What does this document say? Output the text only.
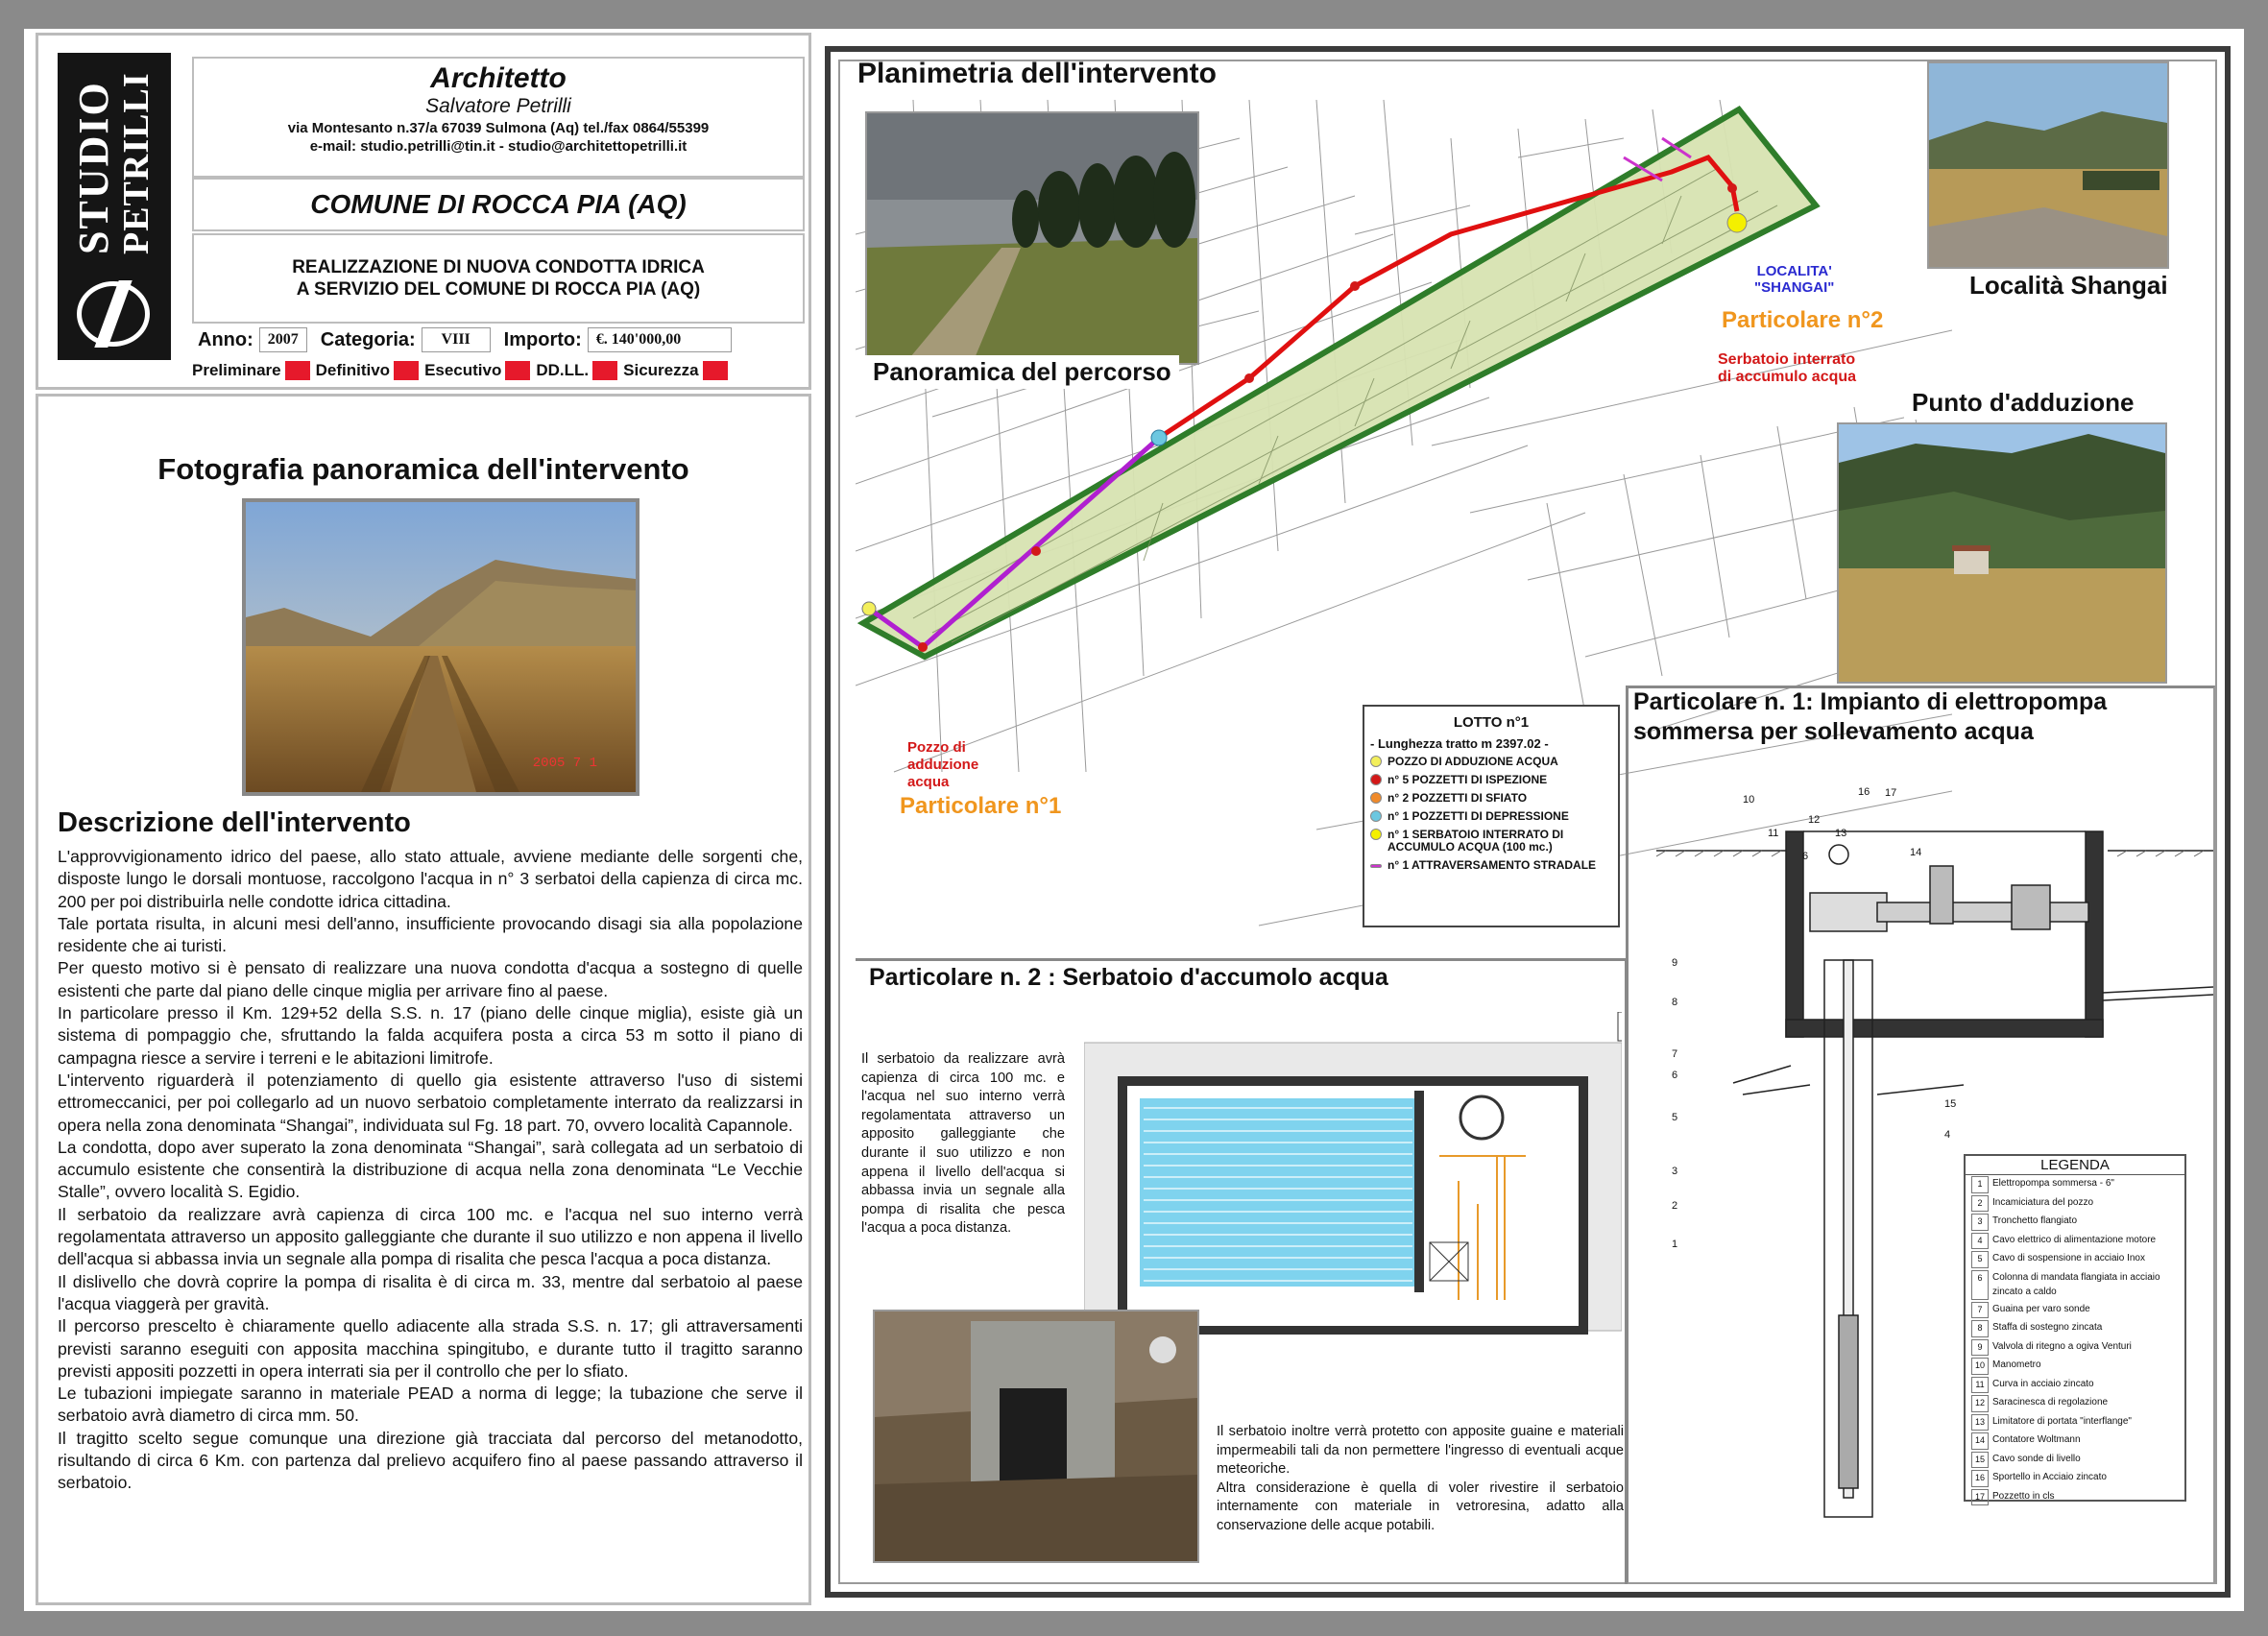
STUDIO PETRILLI	Architetto
Salvatore Petrilli
via Montesanto n.37/a 67039 Sulmona (Aq) tel./fax 0864/55399
e-mail: studio.petrilli@tin.it - studio@architettopetrilli.it
COMUNE DI ROCCA PIA (AQ)
REALIZZAZIONE DI NUOVA CONDOTTA IDRICA
A SERVIZIO DEL COMUNE DI ROCCA PIA (AQ)
Anno: 2007	Categoria:	VIII	Importo: €. 140'000,00
Preliminare Definitivo Esecutivo DD.LL. Sicurezza
Fotografia panoramica dell'intervento
2005 7 1
Descrizione dell'intervento

L'approvvigionamento idrico del paese, allo stato attuale, avviene mediante delle sorgenti che, disposte lungo le dorsali montuose, raccolgono l'acqua in n° 3 serbatoi della capienza di circa mc. 200 per poi distribuirla nelle condotte idrica cittadina.

Tale portata risulta, in alcuni mesi dell'anno, insufficiente provocando disagi sia alla popolazione residente che ai turisti.

Per questo motivo si è pensato di realizzare una nuova condotta d'acqua a sostegno di quelle esistenti che parte dal piano delle cinque miglia per arrivare fino al paese.

In particolare presso il Km. 129+52 della S.S. n. 17 (piano delle cinque miglia), esiste già un sistema di pompaggio che, sfruttando la falda acquifera posta a circa 53 m sotto il piano di campagna riesce a servire i terreni e le abitazioni limitrofe.

L'intervento riguarderà il potenziamento di quello gia esistente attraverso l'uso di sistemi ettromeccanici, per poi collegarlo ad un nuovo serbatoio completamente interrato da realizzarsi in opera nella zona denominata “Shangai”, individuata sul Fg. 18 part. 70, ovvero località Capannole.

La condotta, dopo aver superato la zona denominata “Shangai”, sarà collegata ad un serbatoio di accumulo esistente che consentirà la distribuzione di acqua nella zona denominata “Le Vecchie Stalle”, ovvero località S. Egidio.

Il serbatoio da realizzare avrà capienza di circa 100 mc. e l'acqua nel suo interno verrà regolamentata attraverso un apposito galleggiante che durante il suo utilizzo e non appena il livello dell'acqua si abbassa invia un segnale alla pompa di risalita che pesca l'acqua a poca distanza.

Il dislivello che dovrà coprire la pompa di risalita è di circa m. 33, mentre dal serbatoio al paese l'acqua viaggerà per gravità.

Il percorso prescelto è chiaramente quello adiacente alla strada S.S. n. 17; gli attraversamenti previsti saranno eseguiti con apposita macchina spingitubo, e durante tutto il tragitto saranno previsti appositi pozzetti in opera interrati sia per il controllo che per lo sfiato.

Le tubazioni impiegate saranno in materiale PEAD a norma di legge; la tubazione che serve il serbatoio avrà diametro di circa mm. 50.

Il tragitto scelto segue comunque una direzione già tracciata dal percorso del metanodotto, risultando di circa 6 Km. con partenza dal prelievo acquifero fino al paese passando attraverso il serbatoio.

Planimetria dell'intervento
LOCALITA'
"SHANGAI"
Particolare n°2
Serbatoio interrato
di accumulo acqua
Pozzo di
adduzione
acqua
Particolare n°1
LOTTO n°1
- Lunghezza tratto m 2397.02 -
POZZO DI ADDUZIONE ACQUA
n° 5 POZZETTI DI ISPEZIONE
n° 2 POZZETTI DI SFIATO
n° 1 POZZETTI DI DEPRESSIONE
n° 1 SERBATOIO INTERRATO DI ACCUMULO ACQUA (100 mc.)
n° 1 ATTRAVERSAMENTO STRADALE
Panoramica del percorso
Località Shangai
Punto d'adduzione
Particolare n. 1: Impianto di elettropompa sommersa per sollevamento acqua
10
16 17
11
12
13
14
6
9
8
7
6
5
3
2
1
15
4
LEGENDA
1	Elettropompa sommersa - 6"
2	Incamiciatura del pozzo
3	Tronchetto flangiato
4	Cavo elettrico di alimentazione motore
5	Cavo di sospensione in acciaio Inox
6	Colonna di mandata flangiata in acciaio zincato a caldo
7	Guaina per varo sonde
8	Staffa di sostegno zincata
9	Valvola di ritegno a ogiva Venturi
10 Manometro
11 Curva in acciaio zincato
12 Saracinesca di regolazione
13 Limitatore di portata "interflange"
14 Contatore Woltmann
15 Cavo sonde di livello
16 Sportello in Acciaio zincato
17 Pozzetto in cls
Particolare n. 2 : Serbatoio d'accumolo acqua
Il serbatoio da realizzare avrà capienza di circa 100 mc. e l'acqua nel suo interno verrà regolamentata attraverso un apposito galleggiante che durante il suo utilizzo e non appena il livello dell'acqua si abbassa invia un segnale alla pompa di risalita che pesca l'acqua a poca distanza.

Il serbatoio inoltre verrà protetto con apposite guaine e materiali impermeabili tali da non permettere l'ingresso di eventuali acque meteoriche.

Altra considerazione è quella di voler rivestire il serbatoio internamente con materiale in vetroresina, adatto alla conservazione delle acque potabili.
